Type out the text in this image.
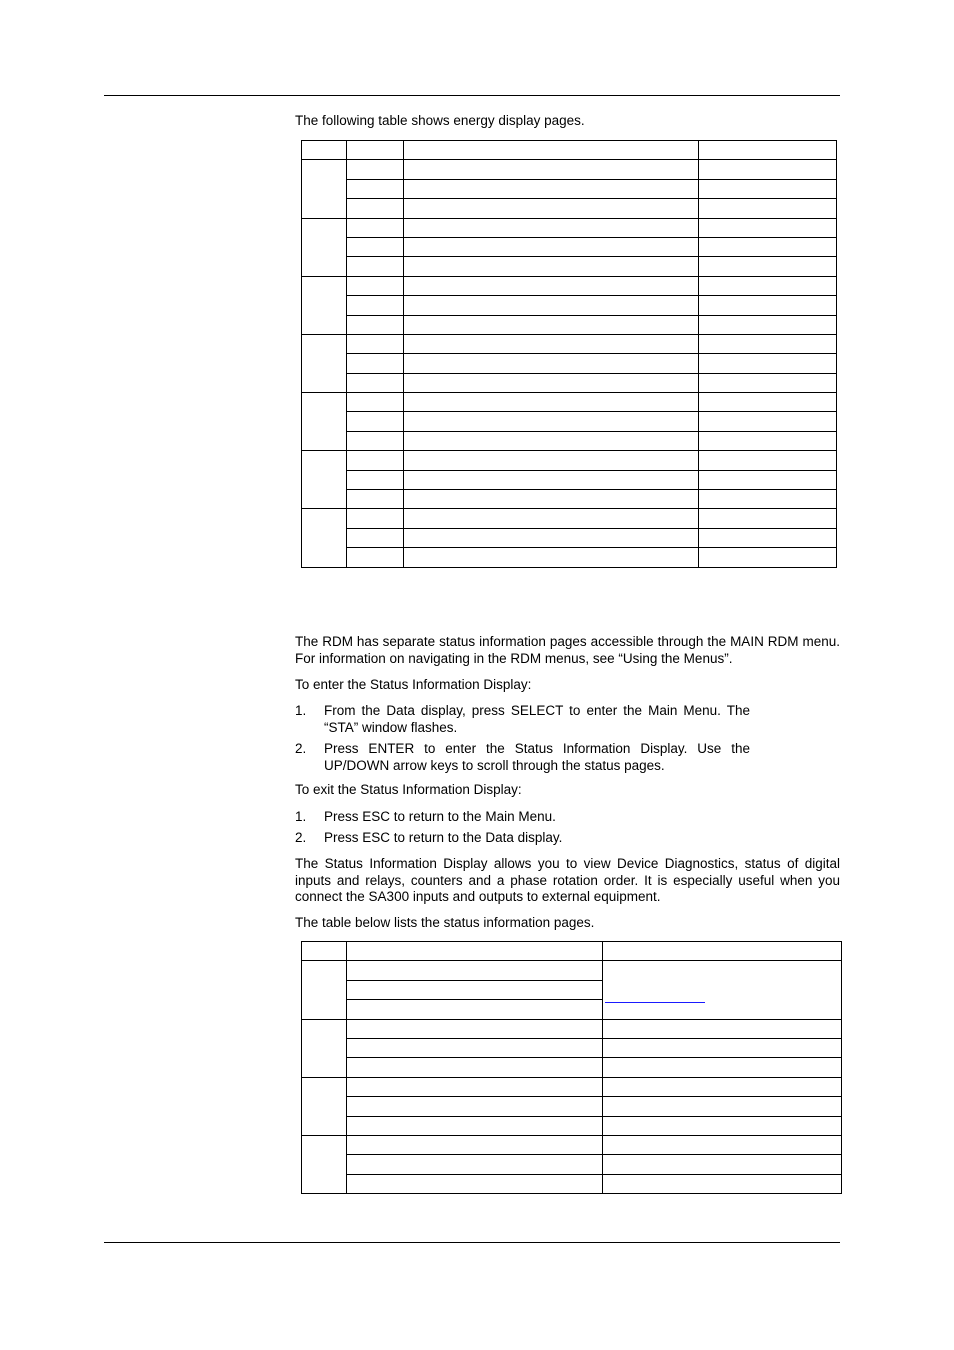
The following table shows energy display pages.

The RDM has separate status information pages accessible through the MAIN RDM menu. For information on navigating in the RDM menus, see “Using the Menus”.

To enter the Status Information Display:

1. From the Data display, press SELECT to enter the Main Menu. The “STA” window flashes.
2. Press ENTER to enter the Status Information Display. Use the UP/DOWN arrow keys to scroll through the status pages.

To exit the Status Information Display:

1. Press ESC to return to the Main Menu.
2. Press ESC to return to the Data display.

The Status Information Display allows you to view Device Diagnostics, status of digital inputs and relays, counters and a phase rotation order. It is especially useful when you connect the SA300 inputs and outputs to external equipment.

The table below lists the status information pages.
